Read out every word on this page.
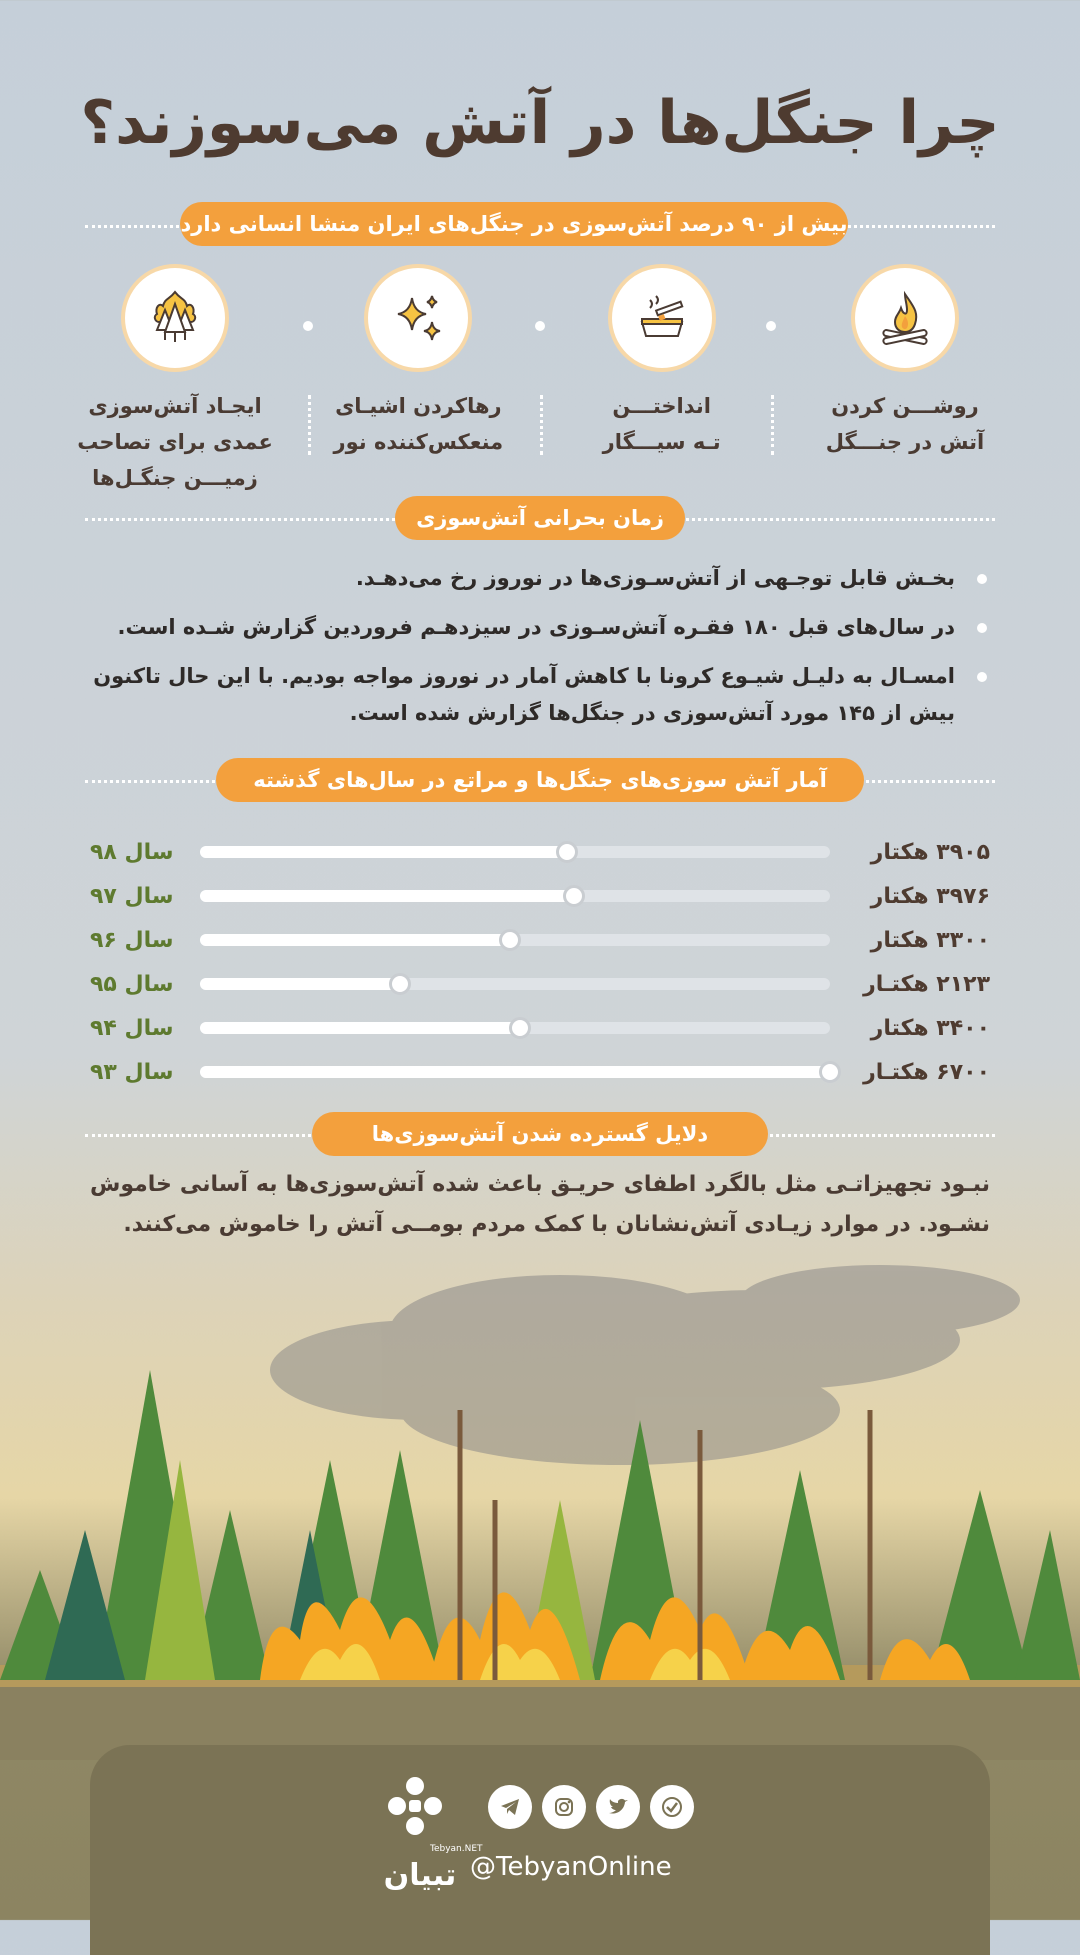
چرا جنگل‌ها در آتش می‌سوزند؟
بیش از ۹۰ درصد آتش‌سوزی در جنگل‌های ایران منشا انسانی دارد
روشـــن کردن
آتش در جنـــگل
انداختـــن
تـه سیـــگار
رهاکردن اشیـای
منعکس‌کننده نور
ایجـاد آتش‌سوزی
عمدی برای تصاحب
زمیـــن جنگـل‌ها
زمان بحرانی آتش‌سوزی
بخـش قابل توجـهی از آتش‌سـوزی‌ها در نوروز رخ می‌دهـد.
در سال‌های قبل ۱۸۰ فقـره آتش‌سـوزی در سیزدهـم فروردین گزارش شـده است.
امسـال به دلیـل شیـوع کرونا با کاهش آمار در نوروز مواجه بودیم. با این حال تاکنون بیش از ۱۴۵ مورد آتش‌سوزی در جنگل‌ها گزارش شده است.
آمار آتش سوزی‌های جنگل‌ها و مراتع در سال‌های گذشته
سال ۹۸	۳۹۰۵ هکتار
سال ۹۷	۳۹۷۶ هکتار
سال ۹۶	۳۳۰۰ هکتار
سال ۹۵	۲۱۲۳ هکتـار
سال ۹۴	۳۴۰۰ هکتار
سال ۹۳	۶۷۰۰ هکتـار
دلایل گسترده شدن آتش‌سوزی‌ها

نبـود تجهیزاتـی مثل بالگرد اطفای حریـق باعث شده آتش‌سوزی‌ها به آسانی خاموش نشـود. در موارد زیـادی آتش‌نشانان با کمک مردم بومــی آتش را خاموش می‌کنند.

تبیان
Tebyan.NET
@TebyanOnline
